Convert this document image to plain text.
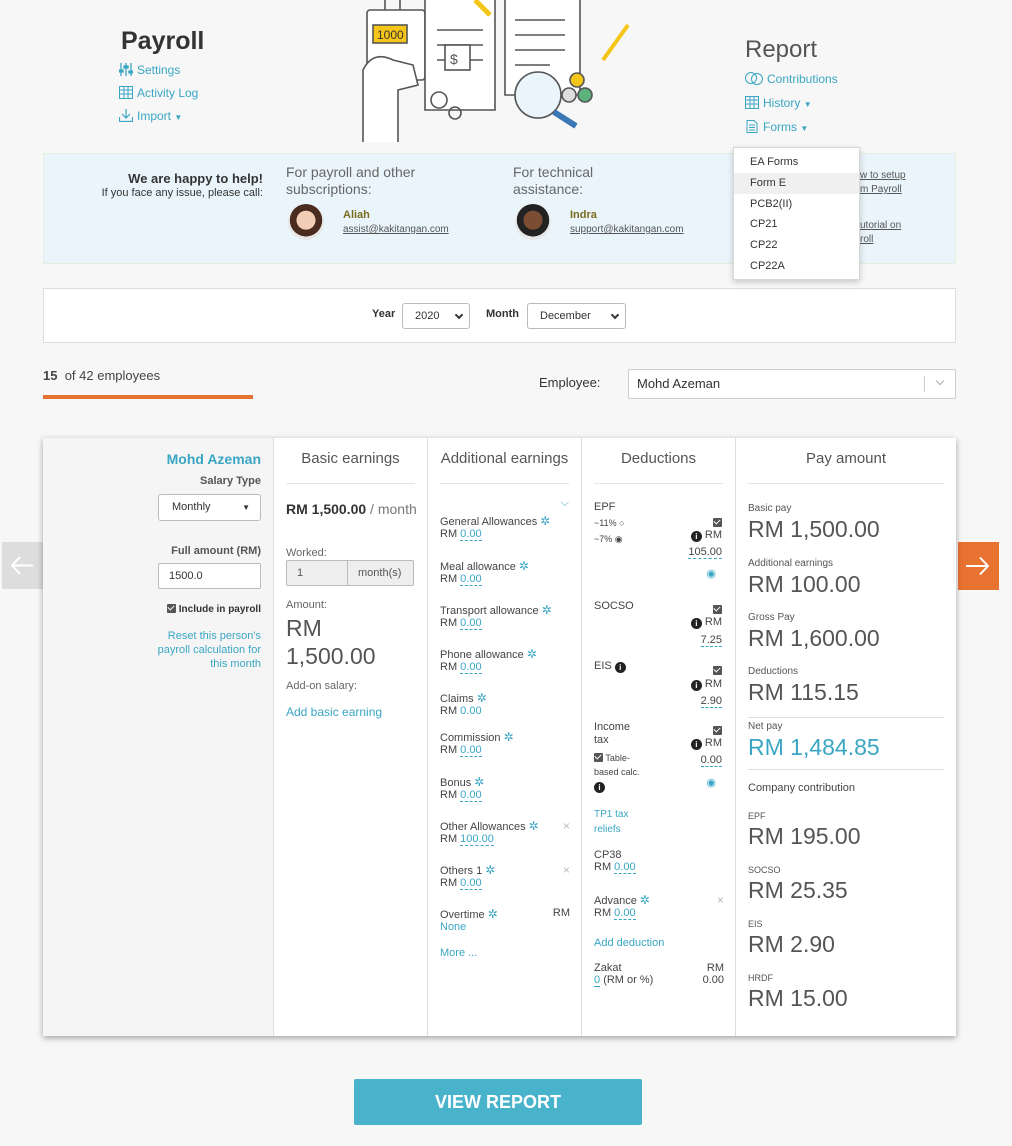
Payroll
Settings
Activity Log
Import ▼
1000
$	Report
Contributions
History ▼
Forms ▼
EA Forms
Form E
PCB2(II)
CP21
CP22
CP22A
We are happy to help!
If you face any issue, please call:
For payroll and other subscriptions:
Aliah
assist@kakitangan.com
For technical assistance:
Indra
support@kakitangan.com
w to setup
m Payroll
utorial on
roll
Year	2020	Month	December
15 of 42 employees	Employee:	Mohd Azeman
Mohd Azeman
Salary Type
Monthly	▼
Full amount (RM)
1500.0
Include in payroll
Reset this person's payroll calculation for this month
Basic earnings
RM 1,500.00 / month
Worked:
1	month(s)
Amount:
RM
1,500.00
Add-on salary:
Add basic earning
Additional earnings
⌵
General Allowances ✲
RM 0.00
Meal allowance ✲
RM 0.00
Transport allowance ✲
RM 0.00
Phone allowance ✲
RM 0.00
Claims ✲
RM 0.00
Commission ✲
RM 0.00
Bonus ✲
RM 0.00
Other Allowances ✲ ×

RM 100.00
Others 1 ✲	×

RM 0.00
Overtime ✲	RM

None
More ...
Deductions
EPF
~11% ○
~7% ◉	i RM
105.00
◉
SOCSO
i RM
7.25
EIS i
i RM
2.90
Income
tax
Table-
based calc.
i
i RM
0.00
◉
TP1 tax
reliefs
CP38
RM 0.00
Advance ✲	×

RM 0.00
Add deduction
Zakat	RM

0 (RM or %)	0.00
Pay amount
Basic pay
RM 1,500.00
Additional earnings
RM 100.00
Gross Pay
RM 1,600.00
Deductions
RM 115.15
Net pay
RM 1,484.85
Company contribution
EPF
RM 195.00
SOCSO
RM 25.35
EIS
RM 2.90
HRDF
RM 15.00
VIEW REPORT
